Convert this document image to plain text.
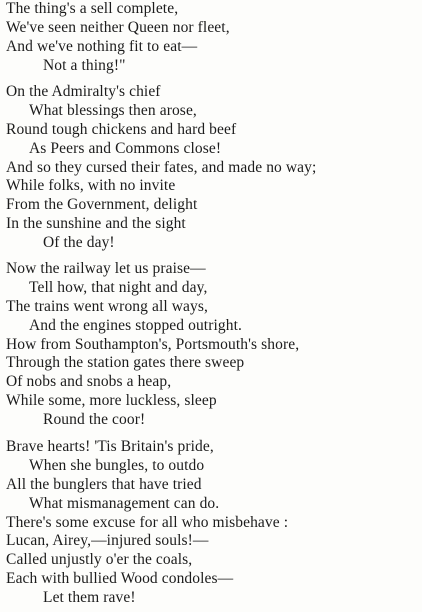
The thing's a sell complete,
We've seen neither Queen nor fleet,
And we've nothing fit to eat—
Not a thing!"
On the Admiralty's chief
What blessings then arose,
Round tough chickens and hard beef
As Peers and Commons close!
And so they cursed their fates, and made no way;
While folks, with no invite
From the Government, delight
In the sunshine and the sight
Of the day!
Now the railway let us praise—
Tell how, that night and day,
The trains went wrong all ways,
And the engines stopped outright.
How from Southampton's, Portsmouth's shore,
Through the station gates there sweep
Of nobs and snobs a heap,
While some, more luckless, sleep
Round the coor!
Brave hearts! 'Tis Britain's pride,
When she bungles, to outdo
All the bunglers that have tried
What mismanagement can do.
There's some excuse for all who misbehave :
Lucan, Airey,—injured souls!—
Called unjustly o'er the coals,
Each with bullied Wood condoles—
Let them rave!
